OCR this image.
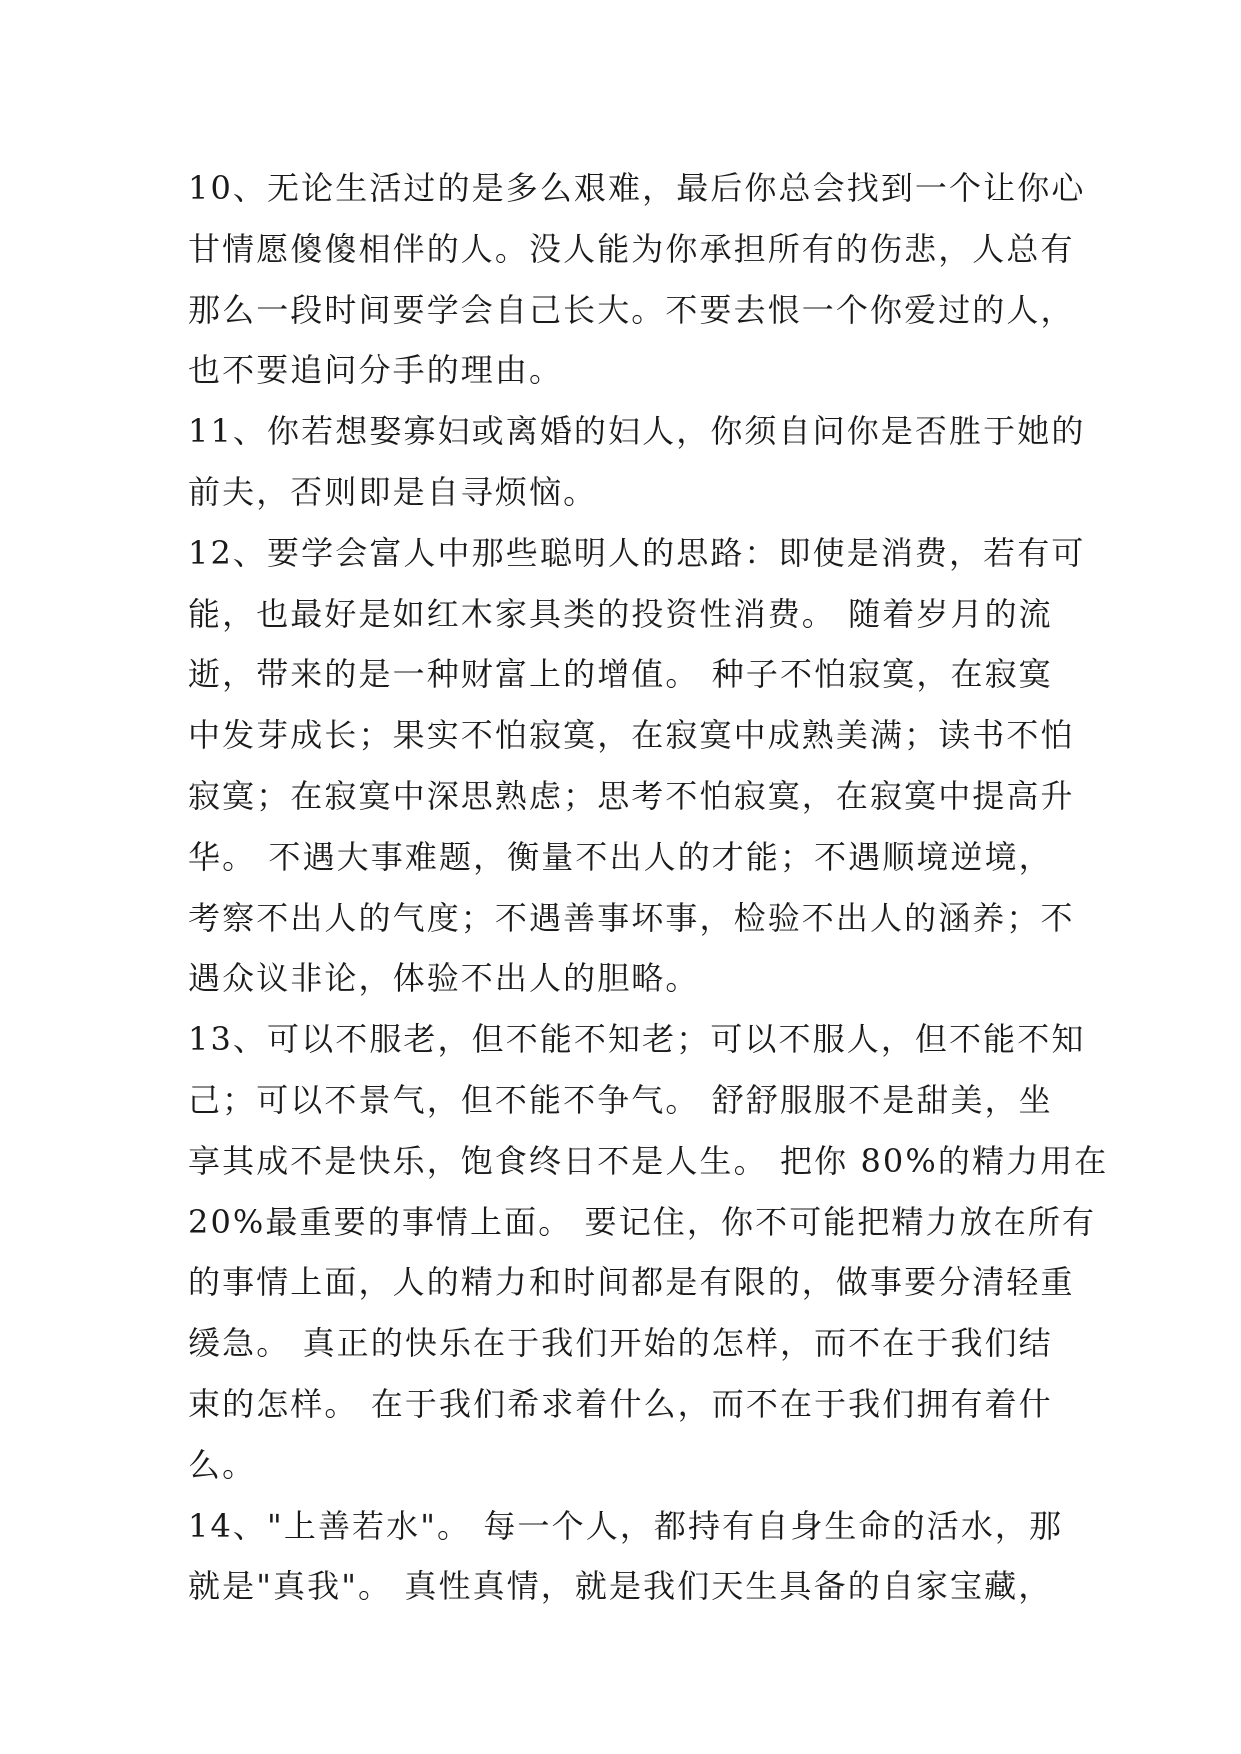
10、无论生活过的是多么艰难，最后你总会找到一个让你心
甘情愿傻傻相伴的人。没人能为你承担所有的伤悲，人总有
那么一段时间要学会自己长大。不要去恨一个你爱过的人，
也不要追问分手的理由。
11、你若想娶寡妇或离婚的妇人，你须自问你是否胜于她的
前夫，否则即是自寻烦恼。
12、要学会富人中那些聪明人的思路：即使是消费，若有可
能，也最好是如红木家具类的投资性消费。 随着岁月的流
逝，带来的是一种财富上的增值。 种子不怕寂寞，在寂寞
中发芽成长；果实不怕寂寞，在寂寞中成熟美满；读书不怕
寂寞；在寂寞中深思熟虑；思考不怕寂寞，在寂寞中提高升
华。 不遇大事难题，衡量不出人的才能；不遇顺境逆境，
考察不出人的气度；不遇善事坏事，检验不出人的涵养；不
遇众议非论，体验不出人的胆略。
13、可以不服老，但不能不知老；可以不服人，但不能不知
己；可以不景气，但不能不争气。 舒舒服服不是甜美，坐
享其成不是快乐，饱食终日不是人生。 把你 80%的精力用在
20%最重要的事情上面。 要记住，你不可能把精力放在所有
的事情上面，人的精力和时间都是有限的，做事要分清轻重
缓急。 真正的快乐在于我们开始的怎样，而不在于我们结
束的怎样。 在于我们希求着什么，而不在于我们拥有着什
么。
14、"上善若水"。 每一个人，都持有自身生命的活水，那
就是"真我"。 真性真情，就是我们天生具备的自家宝藏，
